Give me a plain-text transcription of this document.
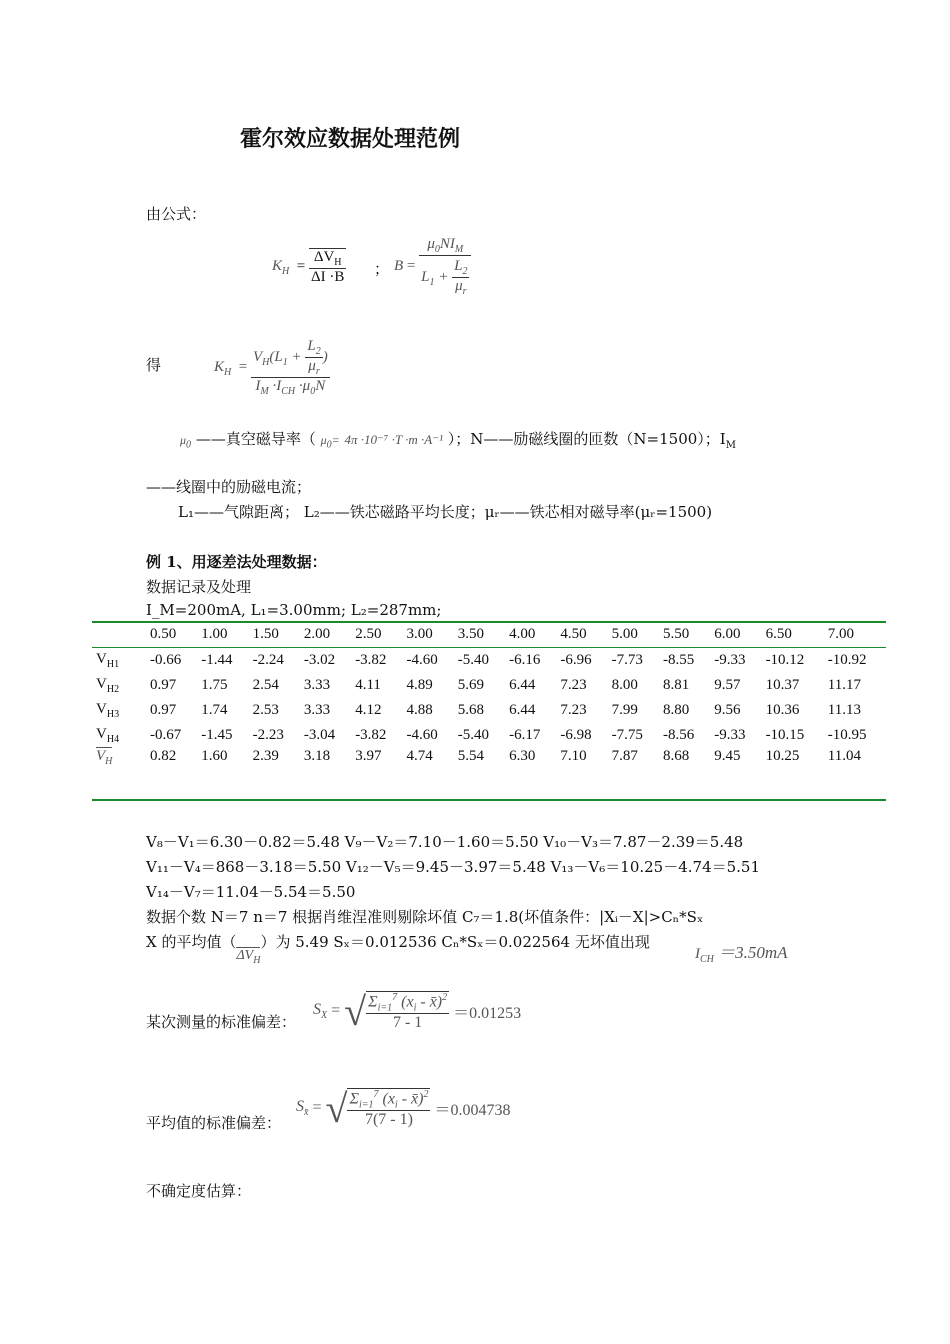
霍尔效应数据处理范例
由公式：
$K_H = \frac{\Delta V_H}{\Delta I \cdot B}$ ； $B = \frac{\mu_0NI_M}{L_1 + \frac{L_2}{\mu_r}}$
得	$K_H = \frac{V_H(L_1 + \frac{L_2}{\mu_r} )}{I_M \cdot I_{CH} \cdot\mu_0N}$
$\mu_0$ ——真空磁导率（ $\mu_0= 4\pi \cdot 10^{-7} \cdot T \cdot m \cdot A^{-1}$ ）；N——励磁线圈的匝数（N=1500）；$I_M$
——线圈中的励磁电流；
L₁——气隙距离； L₂——铁芯磁路平均长度；μᵣ——铁芯相对磁导率(μᵣ=1500)
例 1、用逐差法处理数据：
数据记录及处理
I_M=200mA, L₁=3.00mm; L₂=287mm;
	0.50	1.00	1.50	2.00	2.50	3.00	3.50	4.00	4.50	5.00	5.50	6.00	6.50	7.00
$V_{H1}$	-0.66	-1.44	-2.24	-3.02	-3.82	-4.60	-5.40	-6.16	-6.96	-7.73	-8.55	-9.33	-10.12	-10.92
$V_{H2}$	0.97	1.75	2.54	3.33	4.11	4.89	5.69	6.44	7.23	8.00	8.81	9.57	10.37	11.17
$V_{H3}$	0.97	1.74	2.53	3.33	4.12	4.88	5.68	6.44	7.23	7.99	8.80	9.56	10.36	11.13
$V_{H4}$	-0.67	-1.45	-2.23	-3.04	-3.82	-4.60	-5.40	-6.17	-6.98	-7.75	-8.56	-9.33	-10.15	-10.95
$V_H$	0.82	1.60	2.39	3.18	3.97	4.74	5.54	6.30	7.10	7.87	8.68	9.45	10.25	11.04
V₈－V₁＝6.30－0.82＝5.48 V₉－V₂＝7.10－1.60＝5.50 V₁₀－V₃＝7.87－2.39＝5.48
V₁₁－V₄＝868－3.18＝5.50 V₁₂－V₅＝9.45－3.97＝5.48 V₁₃－V₆＝10.25－4.74＝5.51
V₁₄－V₇＝11.04－5.54＝5.50
数据个数 N＝7 n＝7 根据肖维涅准则剔除坏值 C₇＝1.8(坏值条件：|Xᵢ－X|>Cₙ*Sₓ
X 的平均值$(\Delta V_H)$为 5.49 Sₓ＝0.012536 Cₙ*Sₓ＝0.022564 无坏值出现
$I_{CH} =3.50mA$
某次测量的标准偏差：
$S_X$ = √ $\frac{\Sigma_{i=1}^7 (x_i - x̄)^2}{7 - 1} =0.01253$
平均值的标准偏差：
$S_{x̄}$ = √ $\frac{\Sigma_{i=1}^7 (x_i - x̄)^2}{7(7 - 1)} =0.004738$
不确定度估算：
